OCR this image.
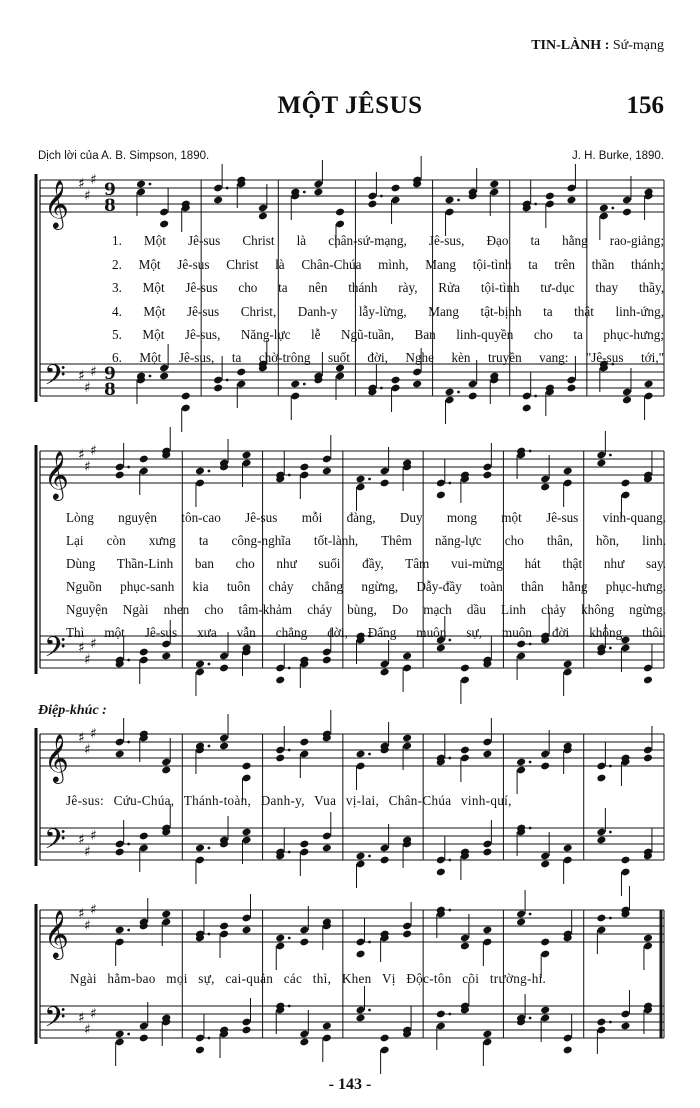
TIN-LÀNH : Sứ-mạng
MỘT JÊSUS	156
Dịch lời của A. B. Simpson, 1890.	J. H. Burke, 1890.
𝄞
𝄢
♯
♯
♯
♯
♯
♯
9
8
9
8
𝄞
𝄢
♯
♯
♯
♯
♯
♯
𝄞
𝄢
♯
♯
♯
♯
♯
♯
𝄞
𝄢
♯
♯
♯
♯
♯
♯
1. Một Jê-sus Christ là chân-sứ-mạng, Jê-sus, Đạo ta hằng rao-giảng;
2. Một Jê-sus Christ là Chân-Chúa mình, Mang tội-tình ta trên thần thánh;
3. Một Jê-sus cho ta nên thánh rày, Rửa tội-tình tư-dục thay thầy,
4. Một Jê-sus Christ, Danh-y lẫy-lừng, Mang tật-bịnh ta thật linh-ứng,
5. Một Jê-sus, Năng-lực lễ Ngũ-tuần, Ban linh-quyền cho ta phục-hưng;
6. Một Jê-sus, ta chờ-trông suốt đời, Nghe kèn truyền vang: "Jê-sus tới,"
Lòng nguyện tôn-cao Jê-sus mỗi đàng, Duy mong một Jê-sus vinh-quang.
Lại còn xưng ta công-nghĩa tốt-lành, Thêm năng-lực cho thân, hồn, linh.
Dùng Thần-Linh ban cho như suối đầy, Tâm vui-mừng hát thật như say.
Nguồn phục-sanh kia tuôn chảy chẳng ngừng, Dẫy-đầy toàn thân hằng phục-hưng.
Nguyện Ngài nhen cho tâm-khảm cháy bùng, Do mạch dầu Linh chảy không ngừng.
Thì một Jê-sus xưa vẫn chẳng dời, Đấng muôn sự, muôn đời không thôi.
Điệp-khúc :
Jê-sus: Cứu-Chúa, Thánh-toàn, Danh-y, Vua vị-lai, Chân-Chúa vinh-quí,
Ngài hằm-bao mọi sự, cai-quản các thì, Khen Vị Độc-tôn cõi trường-hi.
- 143 -
